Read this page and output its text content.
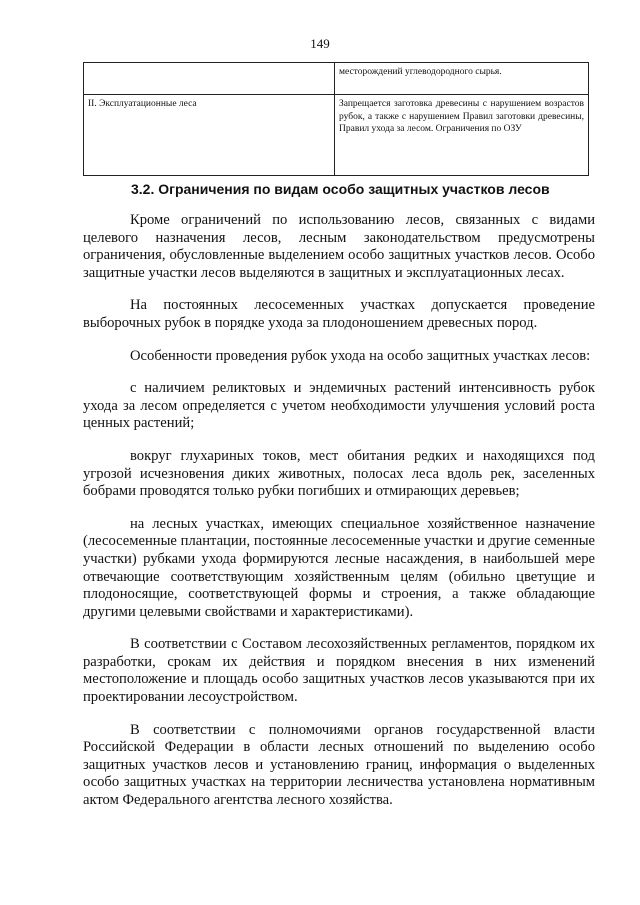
149
	месторождений углеводородного сырья.
II. Эксплуатационные леса	Запрещается заготовка древесины с нарушением возрастов рубок, а также с нарушением Правил заготовки древесины, Правил ухода за лесом. Ограничения по ОЗУ
3.2. Ограничения по видам особо защитных участков лесов

Кроме ограничений по использованию лесов, связанных с видами целевого назначения лесов, лесным законодательством предусмотрены ограничения, обусловленные выделением особо защитных участков лесов. Особо защитные участки лесов выделяются в защитных и эксплуатационных лесах.

На постоянных лесосеменных участках допускается проведение выборочных рубок в порядке ухода за плодоношением древесных пород.

Особенности проведения рубок ухода на особо защитных участках лесов:

с наличием реликтовых и эндемичных растений интенсивность рубок ухода за лесом определяется с учетом необходимости улучшения условий роста ценных растений;

вокруг глухариных токов, мест обитания редких и находящихся под угрозой исчезновения диких животных, полосах леса вдоль рек, заселенных бобрами проводятся только рубки погибших и отмирающих деревьев;

на лесных участках, имеющих специальное хозяйственное назначение (лесосеменные плантации, постоянные лесосеменные участки и другие семенные участки) рубками ухода формируются лесные насаждения, в наибольшей мере отвечающие соответствующим хозяйственным целям (обильно цветущие и плодоносящие, соответствующей формы и строения, а также обладающие другими целевыми свойствами и характеристиками).

В соответствии с Составом лесохозяйственных регламентов, порядком их разработки, срокам их действия и порядком внесения в них изменений местоположение и площадь особо защитных участков лесов указываются при их проектировании лесоустройством.

В соответствии с полномочиями органов государственной власти Российской Федерации в области лесных отношений по выделению особо защитных участков лесов и установлению границ, информация о выделенных особо защитных участках на территории лесничества установлена нормативным актом Федерального агентства лесного хозяйства.
